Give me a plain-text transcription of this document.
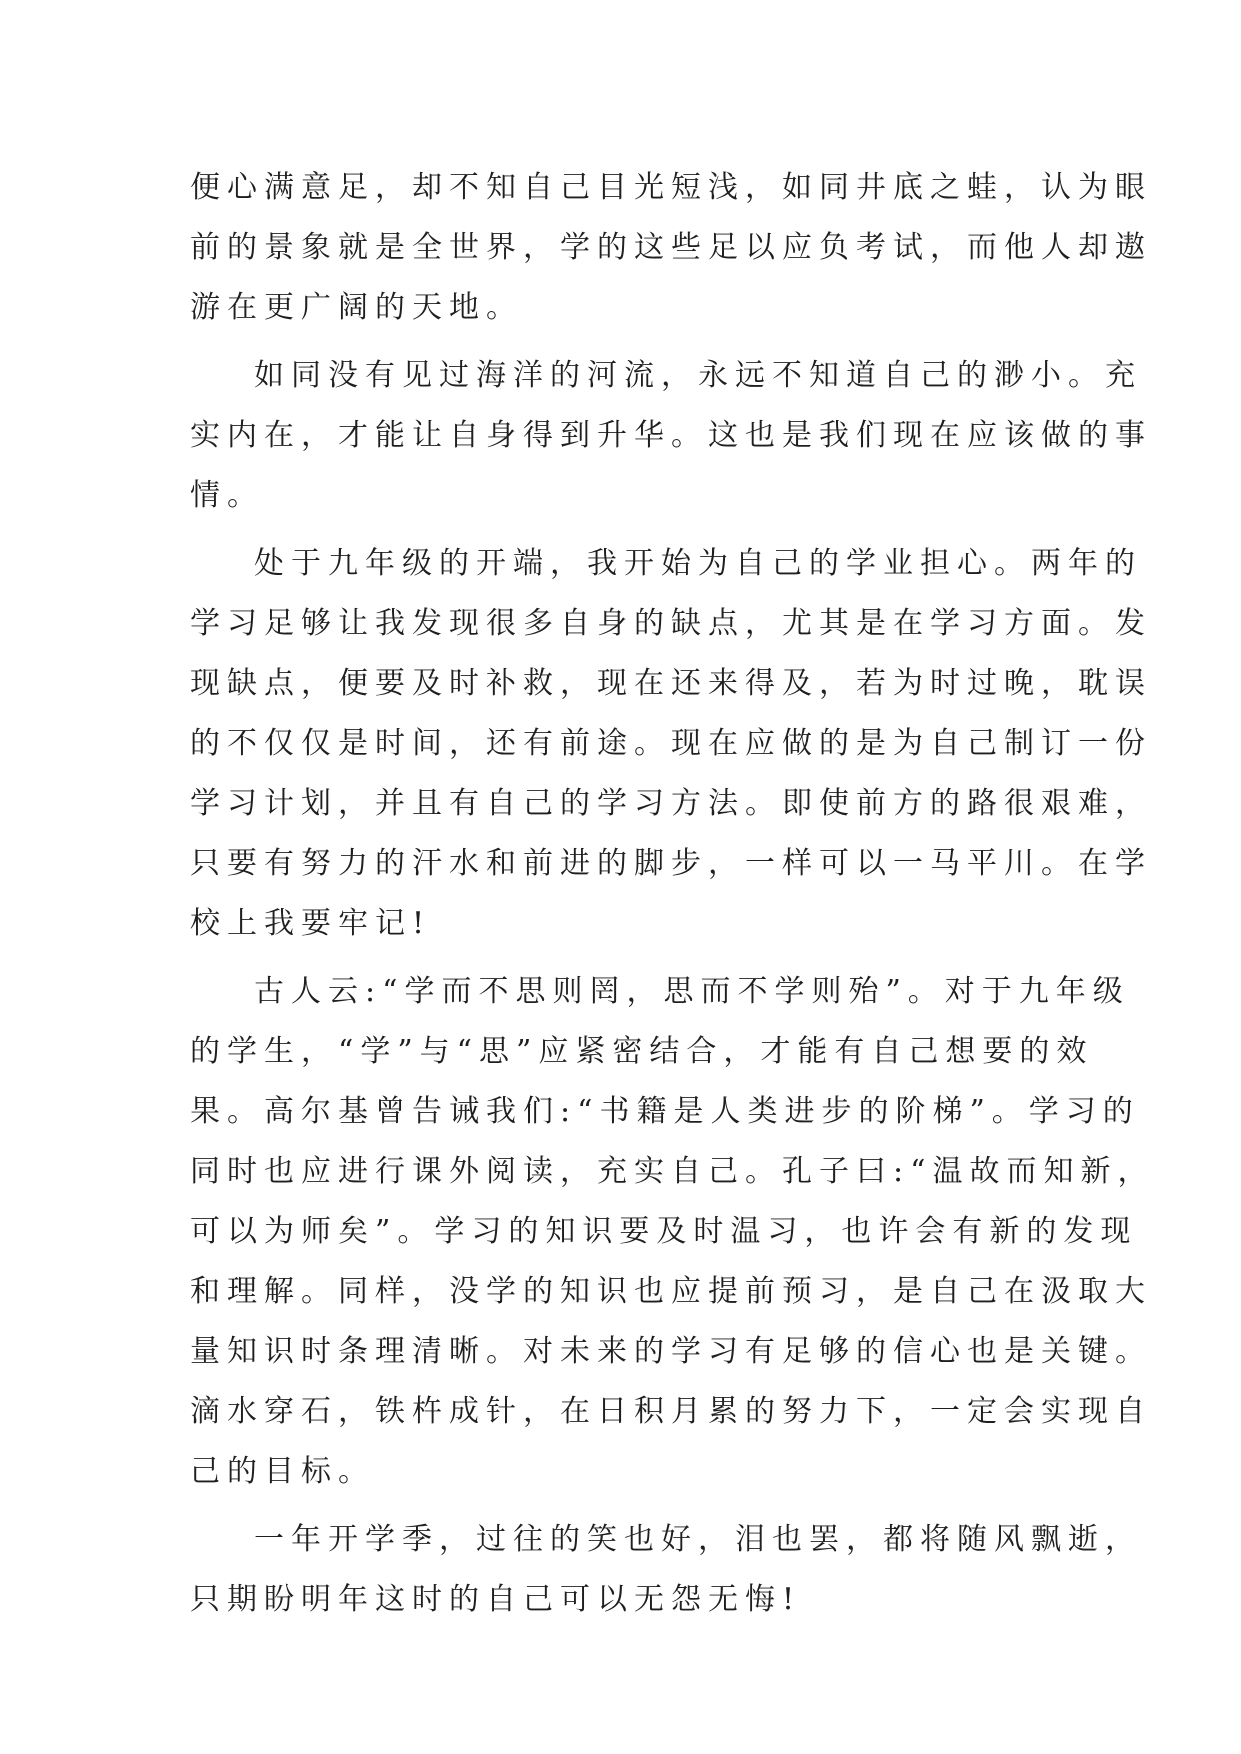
便心满意足，却不知自己目光短浅，如同井底之蛙，认为眼
前的景象就是全世界，学的这些足以应负考试，而他人却遨
游在更广阔的天地。
如同没有见过海洋的河流，永远不知道自己的渺小。充
实内在，才能让自身得到升华。这也是我们现在应该做的事
情。
处于九年级的开端，我开始为自己的学业担心。两年的
学习足够让我发现很多自身的缺点，尤其是在学习方面。发
现缺点，便要及时补救，现在还来得及，若为时过晚，耽误
的不仅仅是时间，还有前途。现在应做的是为自己制订一份
学习计划，并且有自己的学习方法。即使前方的路很艰难，
只要有努力的汗水和前进的脚步，一样可以一马平川。在学
校上我要牢记!
古人云:“学而不思则罔，思而不学则殆”。对于九年级
的学生，“学”与“思”应紧密结合，才能有自己想要的效
果。高尔基曾告诫我们:“书籍是人类进步的阶梯”。学习的
同时也应进行课外阅读，充实自己。孔子曰:“温故而知新，
可以为师矣”。学习的知识要及时温习，也许会有新的发现
和理解。同样，没学的知识也应提前预习，是自己在汲取大
量知识时条理清晰。对未来的学习有足够的信心也是关键。
滴水穿石，铁杵成针，在日积月累的努力下，一定会实现自
己的目标。
一年开学季，过往的笑也好，泪也罢，都将随风飘逝，
只期盼明年这时的自己可以无怨无悔!
